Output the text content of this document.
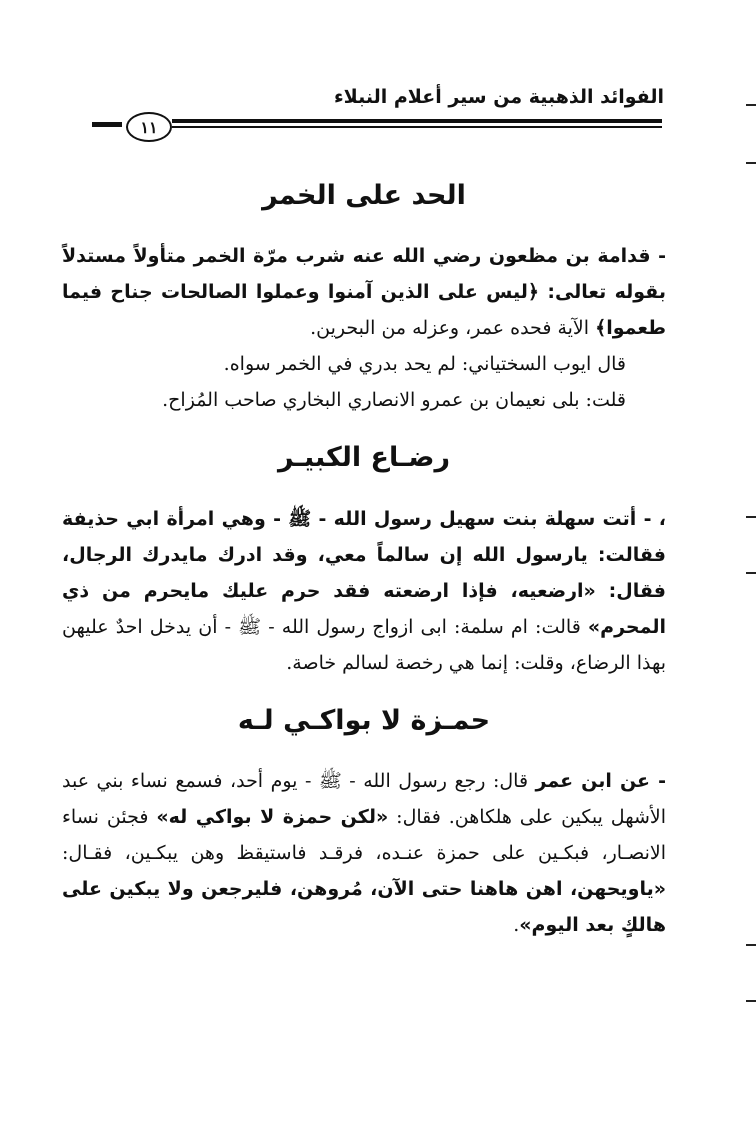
الفوائد الذهبية من سير أعلام النبلاء
١١
الحد على الخمر

- قدامة بن مظعون رضي الله عنه شرب مرّة الخمر متأولاً مستدلاً بقوله تعالى: ﴿ليس على الذين آمنوا وعملوا الصالحات جناح فيما طعموا﴾ الآية فحده عمر، وعزله من البحرين.

قال ايوب السختياني: لم يحد بدري في الخمر سواه.

قلت: بلى نعيمان بن عمرو الانصاري البخاري صاحب المُزاح.

رضـاع الكبيـر

، - أتت سهلة بنت سهيل رسول الله - ﷺ - وهي امرأة ابي حذيفة فقالت: يارسول الله إن سالماً معي، وقد ادرك مايدرك الرجال، فقال: «ارضعيه، فإذا ارضعته فقد حرم عليك مايحرم من ذي المحرم» قالت: ام سلمة: ابى ازواج رسول الله - ﷺ - أن يدخل احدٌ عليهن بهذا الرضاع، وقلت: إنما هي رخصة لسالم خاصة.

حمـزة لا بواكـي لـه

- عن ابن عمر قال: رجع رسول الله - ﷺ - يوم أحد، فسمع نساء بني عبد الأشهل يبكين على هلكاهن. فقال: «لكن حمزة لا بواكي له» فجئن نساء الانصـار، فبكـين على حمزة عنـده، فرقـد فاستيقظ وهن يبكـين، فقـال: «ياويحهن، اهن هاهنا حتى الآن، مُروهن، فليرجعن ولا يبكين على هالكٍ بعد اليوم».
